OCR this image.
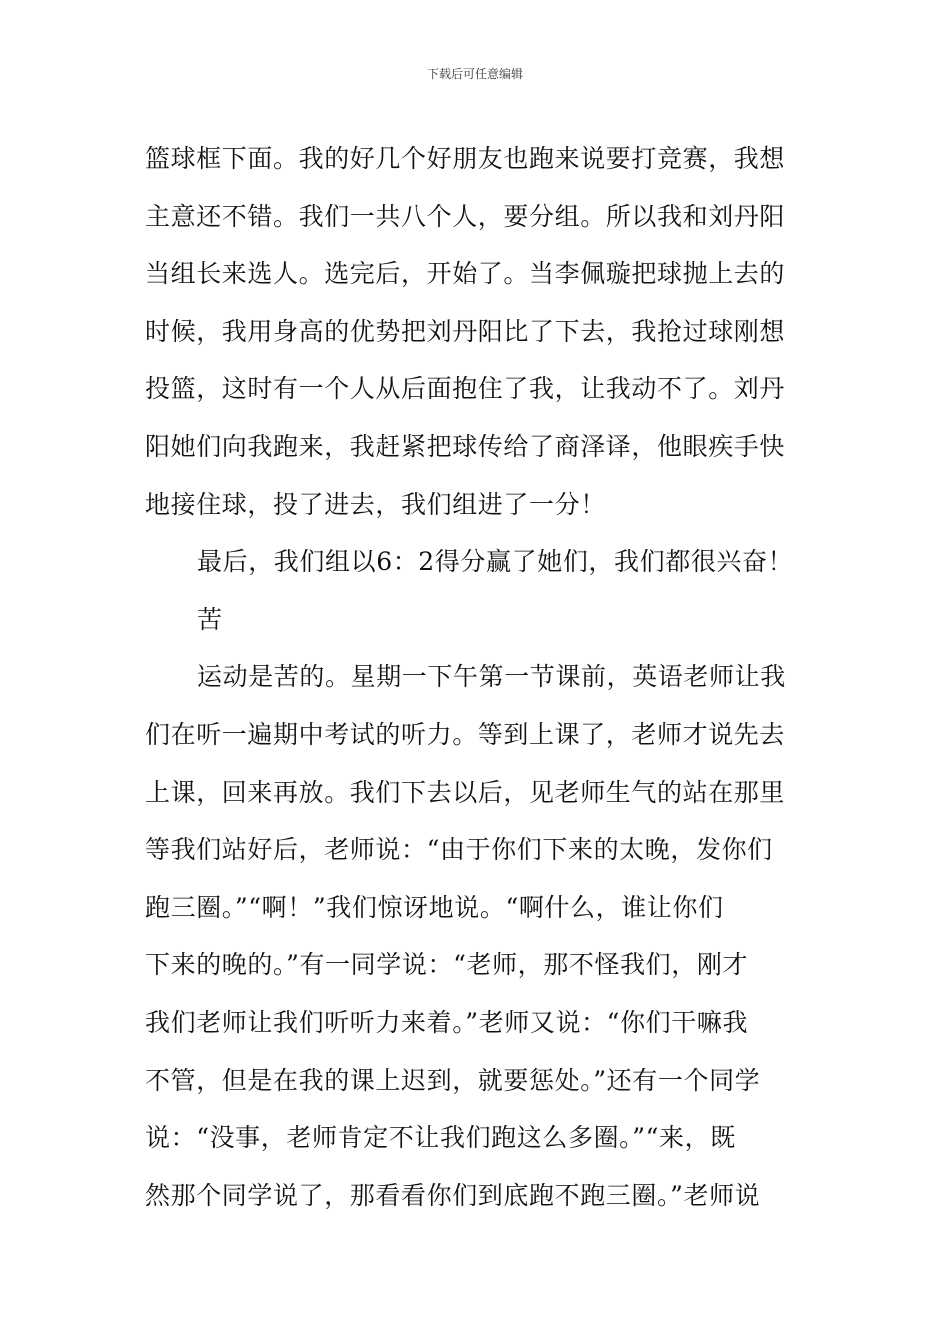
下载后可任意编辑
篮球框下面。我的好几个好朋友也跑来说要打竞赛，我想
主意还不错。我们一共八个人，要分组。所以我和刘丹阳
当组长来选人。选完后，开始了。当李佩璇把球抛上去的
时候，我用身高的优势把刘丹阳比了下去，我抢过球刚想
投篮，这时有一个人从后面抱住了我，让我动不了。刘丹
阳她们向我跑来，我赶紧把球传给了商泽译，他眼疾手快
地接住球，投了进去，我们组进了一分！
最后，我们组以6：2得分赢了她们，我们都很兴奋！
苦
运动是苦的。星期一下午第一节课前，英语老师让我
们在听一遍期中考试的听力。等到上课了，老师才说先去
上课，回来再放。我们下去以后，见老师生气的站在那里
等我们站好后，老师说：“由于你们下来的太晚，发你们
跑三圈。”“啊！”我们惊讶地说。“啊什么，谁让你们
下来的晚的。”有一同学说：“老师，那不怪我们，刚才
我们老师让我们听听力来着。”老师又说：“你们干嘛我
不管，但是在我的课上迟到，就要惩处。”还有一个同学
说：“没事，老师肯定不让我们跑这么多圈。”“来，既
然那个同学说了，那看看你们到底跑不跑三圈。”老师说
